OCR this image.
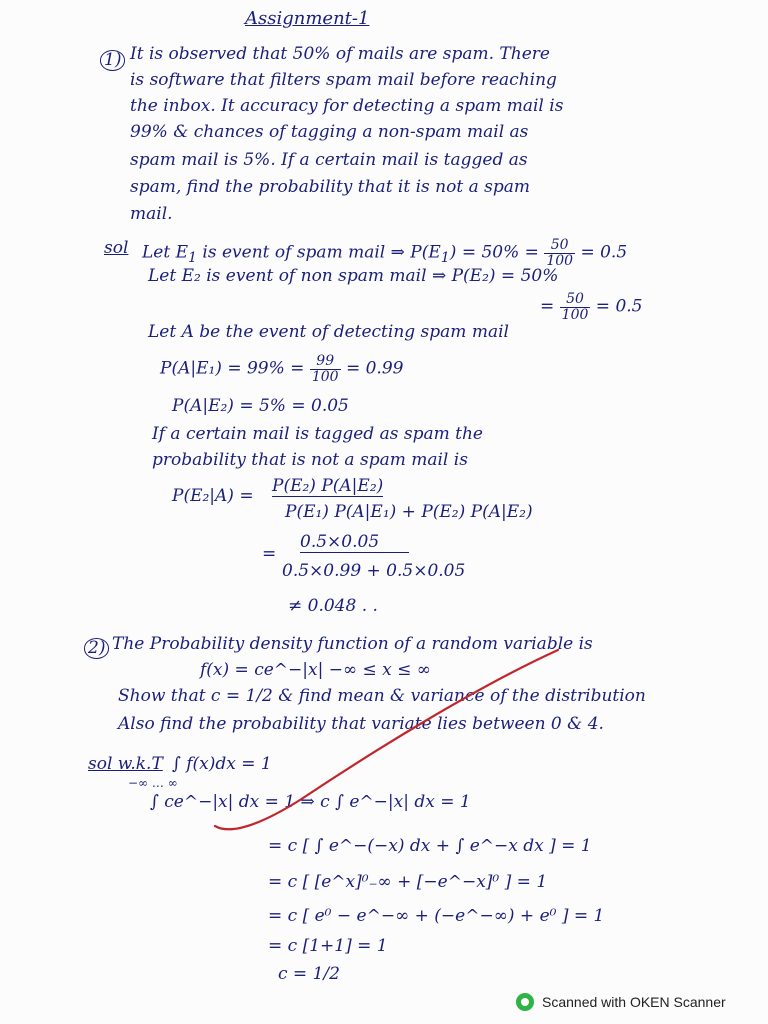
Assignment-1
1) It is observed that 50% of mails are spam. There
is software that filters spam mail before reaching
the inbox. It accuracy for detecting a spam mail is
99% & chances of tagging a non-spam mail as
spam mail is 5%. If a certain mail is tagged as
spam, find the probability that it is not a spam
mail.
sol Let $E_1$ is event of spam mail ⇒ $P(E_1) = 50\% = \frac{50}{100} = 0.5$
Let E₂ is event of non spam mail ⇒ P(E₂) = 50%
= $\frac{50}{100} = 0.5$
Let A be the event of detecting spam mail
$P(A|E_1) = 99\% = \frac{99}{100} = 0.99$
P(A|E₂) = 5% = 0.05
If a certain mail is tagged as spam the
probability that is not a spam mail is
P(E₂|A) = P(E₂) P(A|E₂)
P(E₁) P(A|E₁) + P(E₂) P(A|E₂)
=
0.5×0.05
0.5×0.99 + 0.5×0.05
≠ 0.048 . .
2) The Probability density function of a random variable is
f(x) = ce^−|x| −∞ ≤ x ≤ ∞
Show that c = 1/2 & find mean & variance of the distribution
Also find the probability that variate lies between 0 & 4.
sol w.k.T ∫ f(x)dx = 1
−∞ … ∞
∫ ce^−|x| dx = 1 ⇒ c ∫ e^−|x| dx = 1
= c [ ∫ e^−(−x) dx + ∫ e^−x dx ] = 1
= c [ [e^x]⁰₋∞ + [−e^−x]⁰ ] = 1
= c [ e⁰ − e^−∞ + (−e^−∞) + e⁰ ] = 1
= c [1+1] = 1
c = 1/2
Scanned with OKEN Scanner
